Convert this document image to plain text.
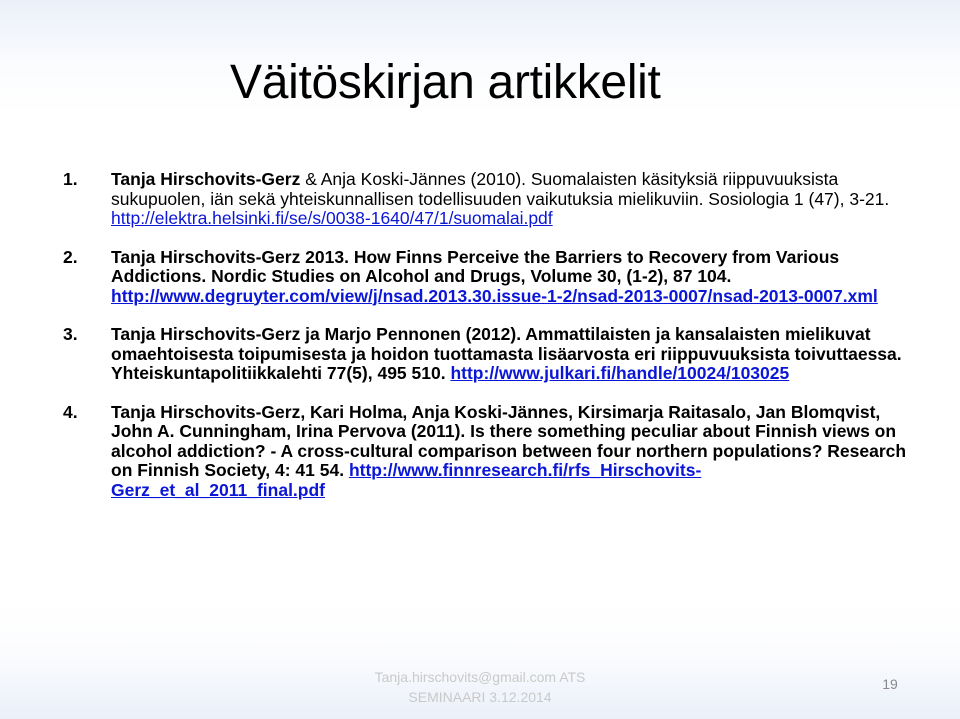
Väitöskirjan artikkelit
1.	Tanja Hirschovits-Gerz & Anja Koski-Jännes (2010). Suomalaisten käsityksiä riippuvuuksista sukupuolen, iän sekä yhteiskunnallisen todellisuuden vaikutuksia mielikuviin. Sosiologia 1 (47), 3-21. http://elektra.helsinki.fi/se/s/0038-1640/47/1/suomalai.pdf
2.	Tanja Hirschovits-Gerz 2013. How Finns Perceive the Barriers to Recovery from Various Addictions. Nordic Studies on Alcohol and Drugs, Volume 30, (1-2), 87 104. http://www.degruyter.com/view/j/nsad.2013.30.issue-1-2/nsad-2013-0007/nsad-2013-0007.xml
3.	Tanja Hirschovits-Gerz ja Marjo Pennonen (2012). Ammattilaisten ja kansalaisten mielikuvat omaehtoisesta toipumisesta ja hoidon tuottamasta lisäarvosta eri riippuvuuksista toivuttaessa. Yhteiskuntapolitiikkalehti 77(5), 495 510. http://www.julkari.fi/handle/10024/103025
4.	Tanja Hirschovits-Gerz, Kari Holma, Anja Koski-Jännes, Kirsimarja Raitasalo, Jan Blomqvist, John A. Cunningham, Irina Pervova (2011). Is there something peculiar about Finnish views on alcohol addiction? - A cross-cultural comparison between four northern populations? Research on Finnish Society, 4: 41 54. http://www.finnresearch.fi/rfs_Hirschovits-Gerz_et_al_2011_final.pdf
Tanja.hirschovits@gmail.com ATS
SEMINAARI 3.12.2014
19
